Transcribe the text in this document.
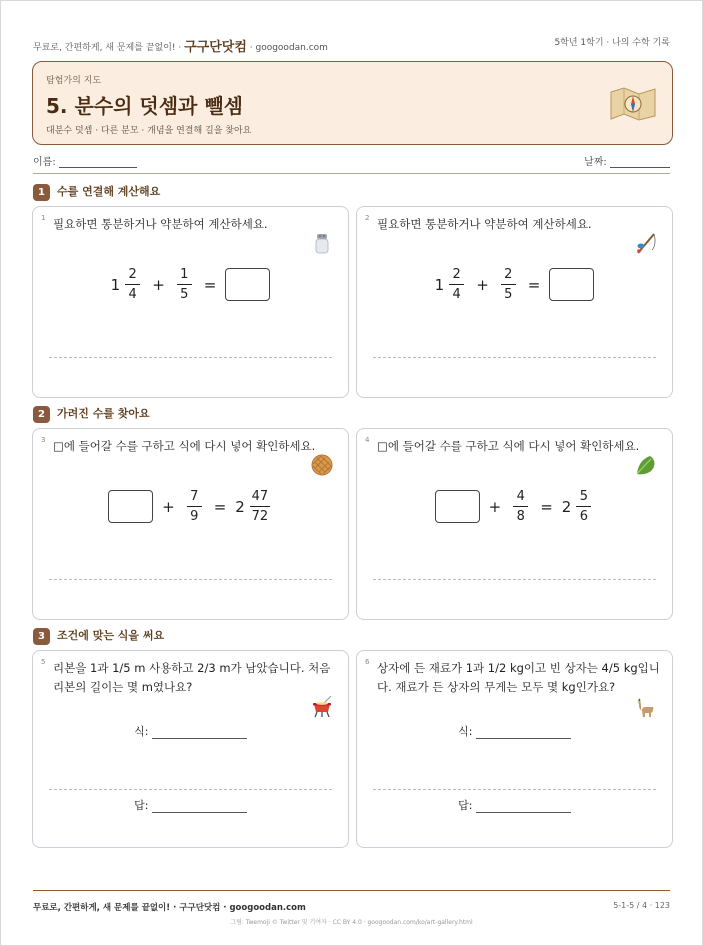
무료로, 간편하게, 새 문제를 끝없이! · 구구단닷컴 · googoodan.com	5학년 1학기 · 나의 수학 기록
탐험가의 지도
5. 분수의 덧셈과 뺄셈
대분수 덧셈 · 다른 분모 · 개념을 연결해 길을 찾아요
이름:	날짜:
1 수를 연결해 계산해요
1 필요하면 통분하거나 약분하여 계산하세요.
$1 \frac{2}{4} + \frac{1}{5}$ =
2 필요하면 통분하거나 약분하여 계산하세요.
$1 \frac{2}{4} + \frac{2}{5}$ =
2 가려진 수를 찾아요
3 □에 들어갈 수를 구하고 식에 다시 넣어 확인하세요.
+ $\frac{7}{9} = 2 \frac{47}{72}$
4 □에 들어갈 수를 구하고 식에 다시 넣어 확인하세요.
+ $\frac{4}{8} = 2 \frac{5}{6}$
3 조건에 맞는 식을 써요
5 리본을 1과 1/5 m 사용하고 2/3 m가 남았습니다. 처음 리본의 길이는 몇 m였나요?
식:
답:
6 상자에 든 재료가 1과 1/2 kg이고 빈 상자는 4/5 kg입니다. 재료가 든 상자의 무게는 모두 몇 kg인가요?
식:
답:
무료로, 간편하게, 새 문제를 끝없이! · 구구단닷컴 · googoodan.com	5-1-5 / 4 · 123
그림: Twemoji © Twitter 및 기여자 · CC BY 4.0 · googoodan.com/ko/art-gallery.html
